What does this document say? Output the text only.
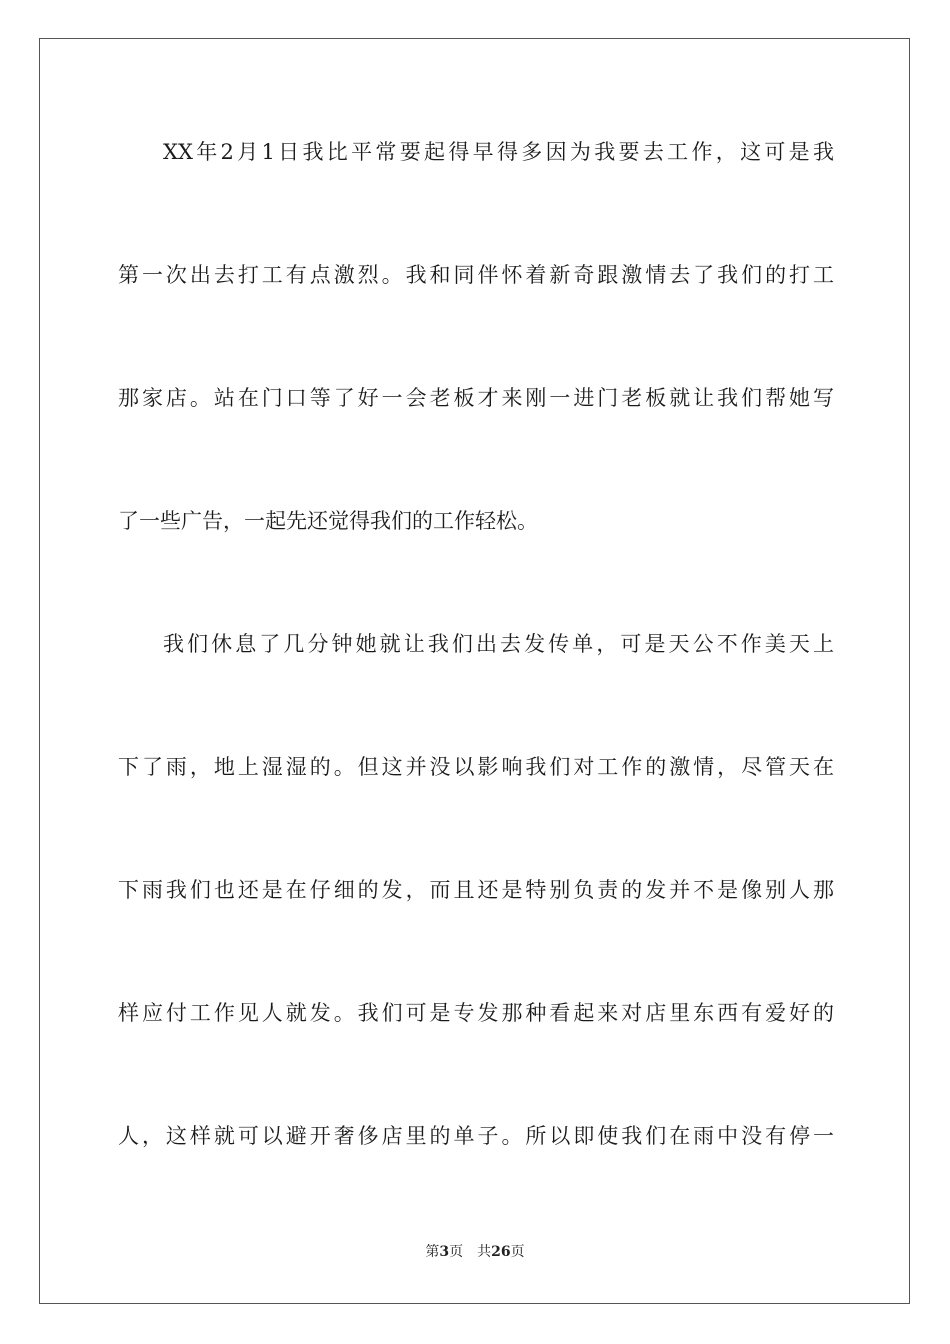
XX年2月1日我比平常要起得早得多因为我要去工作，这可是我
第一次出去打工有点激烈。我和同伴怀着新奇跟激情去了我们的打工
那家店。站在门口等了好一会老板才来刚一进门老板就让我们帮她写
了一些广告，一起先还觉得我们的工作轻松。
我们休息了几分钟她就让我们出去发传单，可是天公不作美天上
下了雨，地上湿湿的。但这并没以影响我们对工作的激情，尽管天在
下雨我们也还是在仔细的发，而且还是特别负责的发并不是像别人那
样应付工作见人就发。我们可是专发那种看起来对店里东西有爱好的
人，这样就可以避开奢侈店里的单子。所以即使我们在雨中没有停一
第3页 共26页
